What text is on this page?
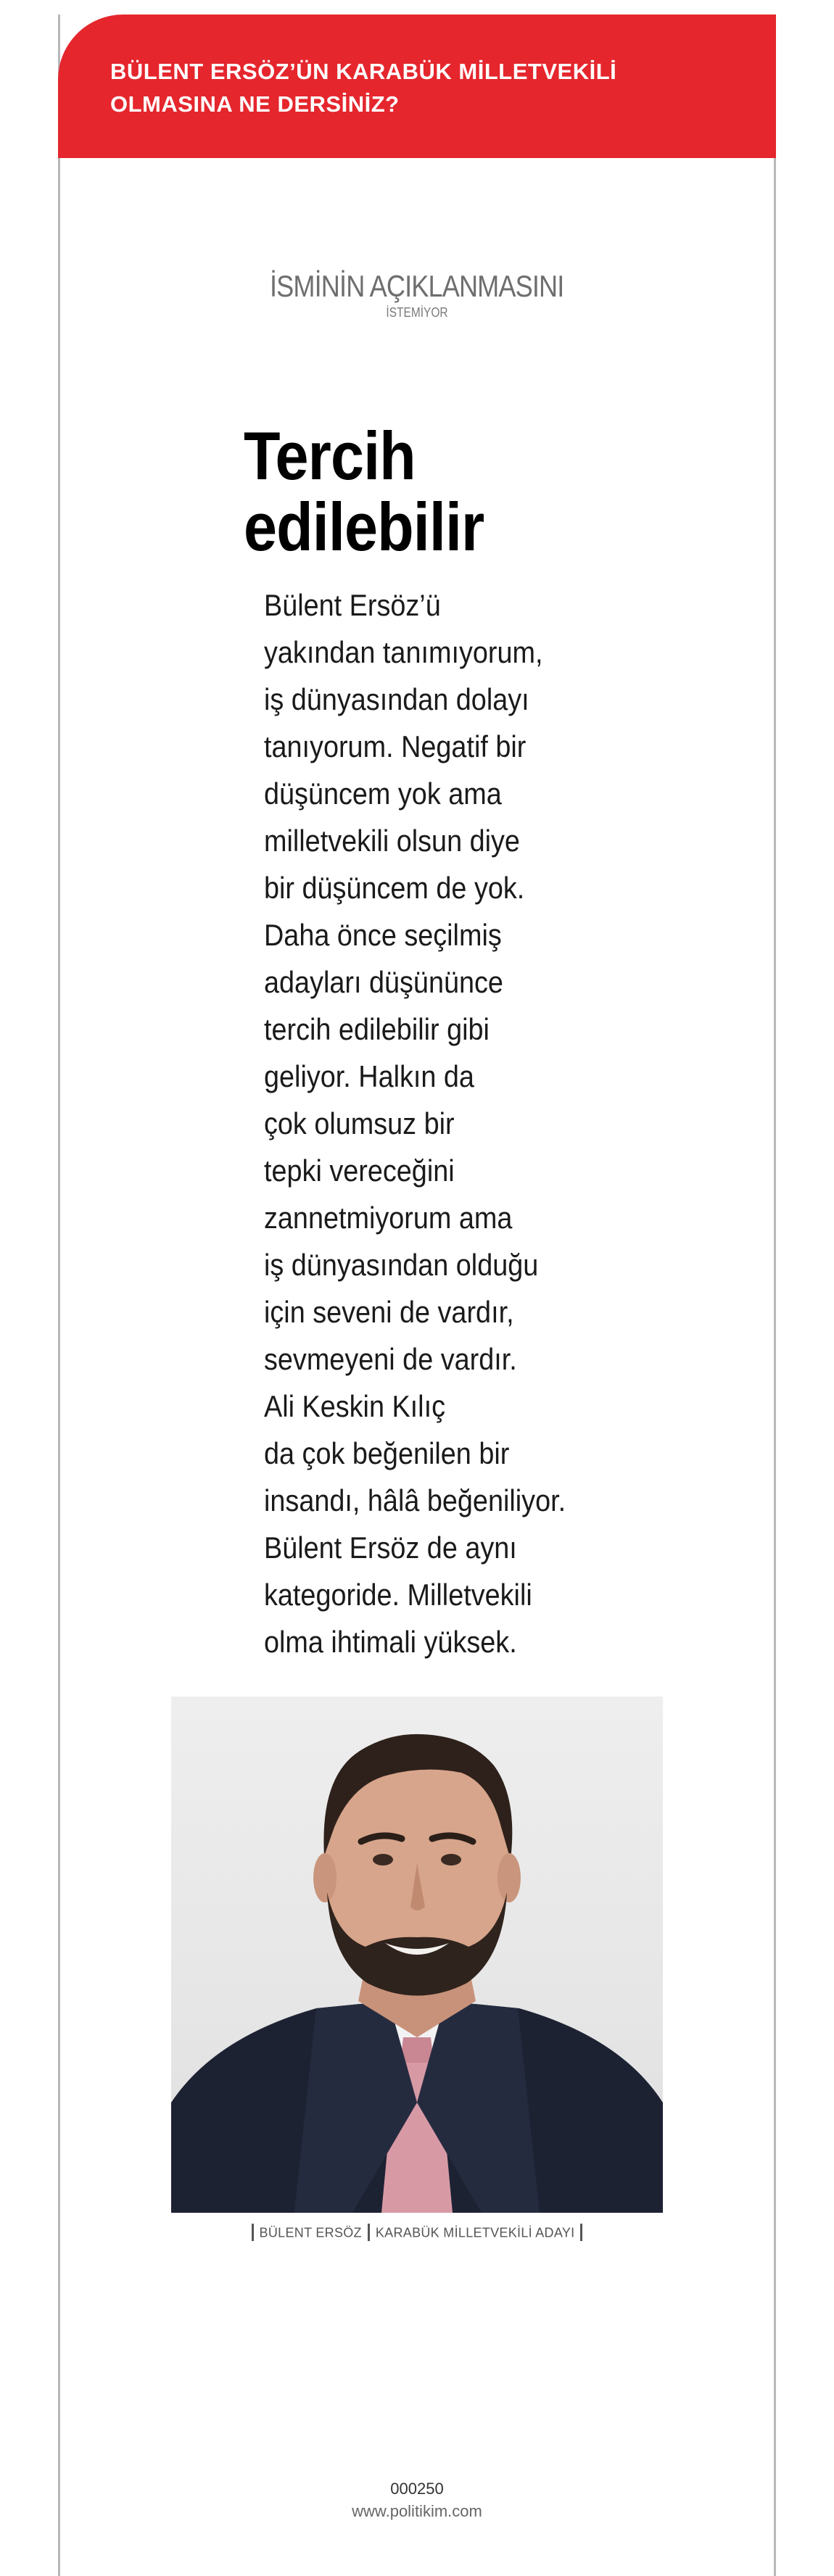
BÜLENT ERSÖZ’ÜN KARABÜK MİLLETVEKİLİ OLMASINA NE DERSİNİZ?
İSMİNİN AÇIKLANMASINI
İSTEMİYOR
Tercih edilebilir

Bülent Ersöz’ü
yakından tanımıyorum,
iş dünyasından dolayı
tanıyorum. Negatif bir
düşüncem yok ama
milletvekili olsun diye
bir düşüncem de yok.
Daha önce seçilmiş
adayları düşününce
tercih edilebilir gibi
geliyor. Halkın da
çok olumsuz bir
tepki vereceğini
zannetmiyorum ama
iş dünyasından olduğu
için seveni de vardır,
sevmeyeni de vardır.
Ali Keskin Kılıç
da çok beğenilen bir
insandı, hâlâ beğeniliyor.
Bülent Ersöz de aynı
kategoride. Milletvekili
olma ihtimali yüksek.

BÜLENT ERSÖZ KARABÜK MİLLETVEKİLİ ADAYI
000250
www.politikim.com
